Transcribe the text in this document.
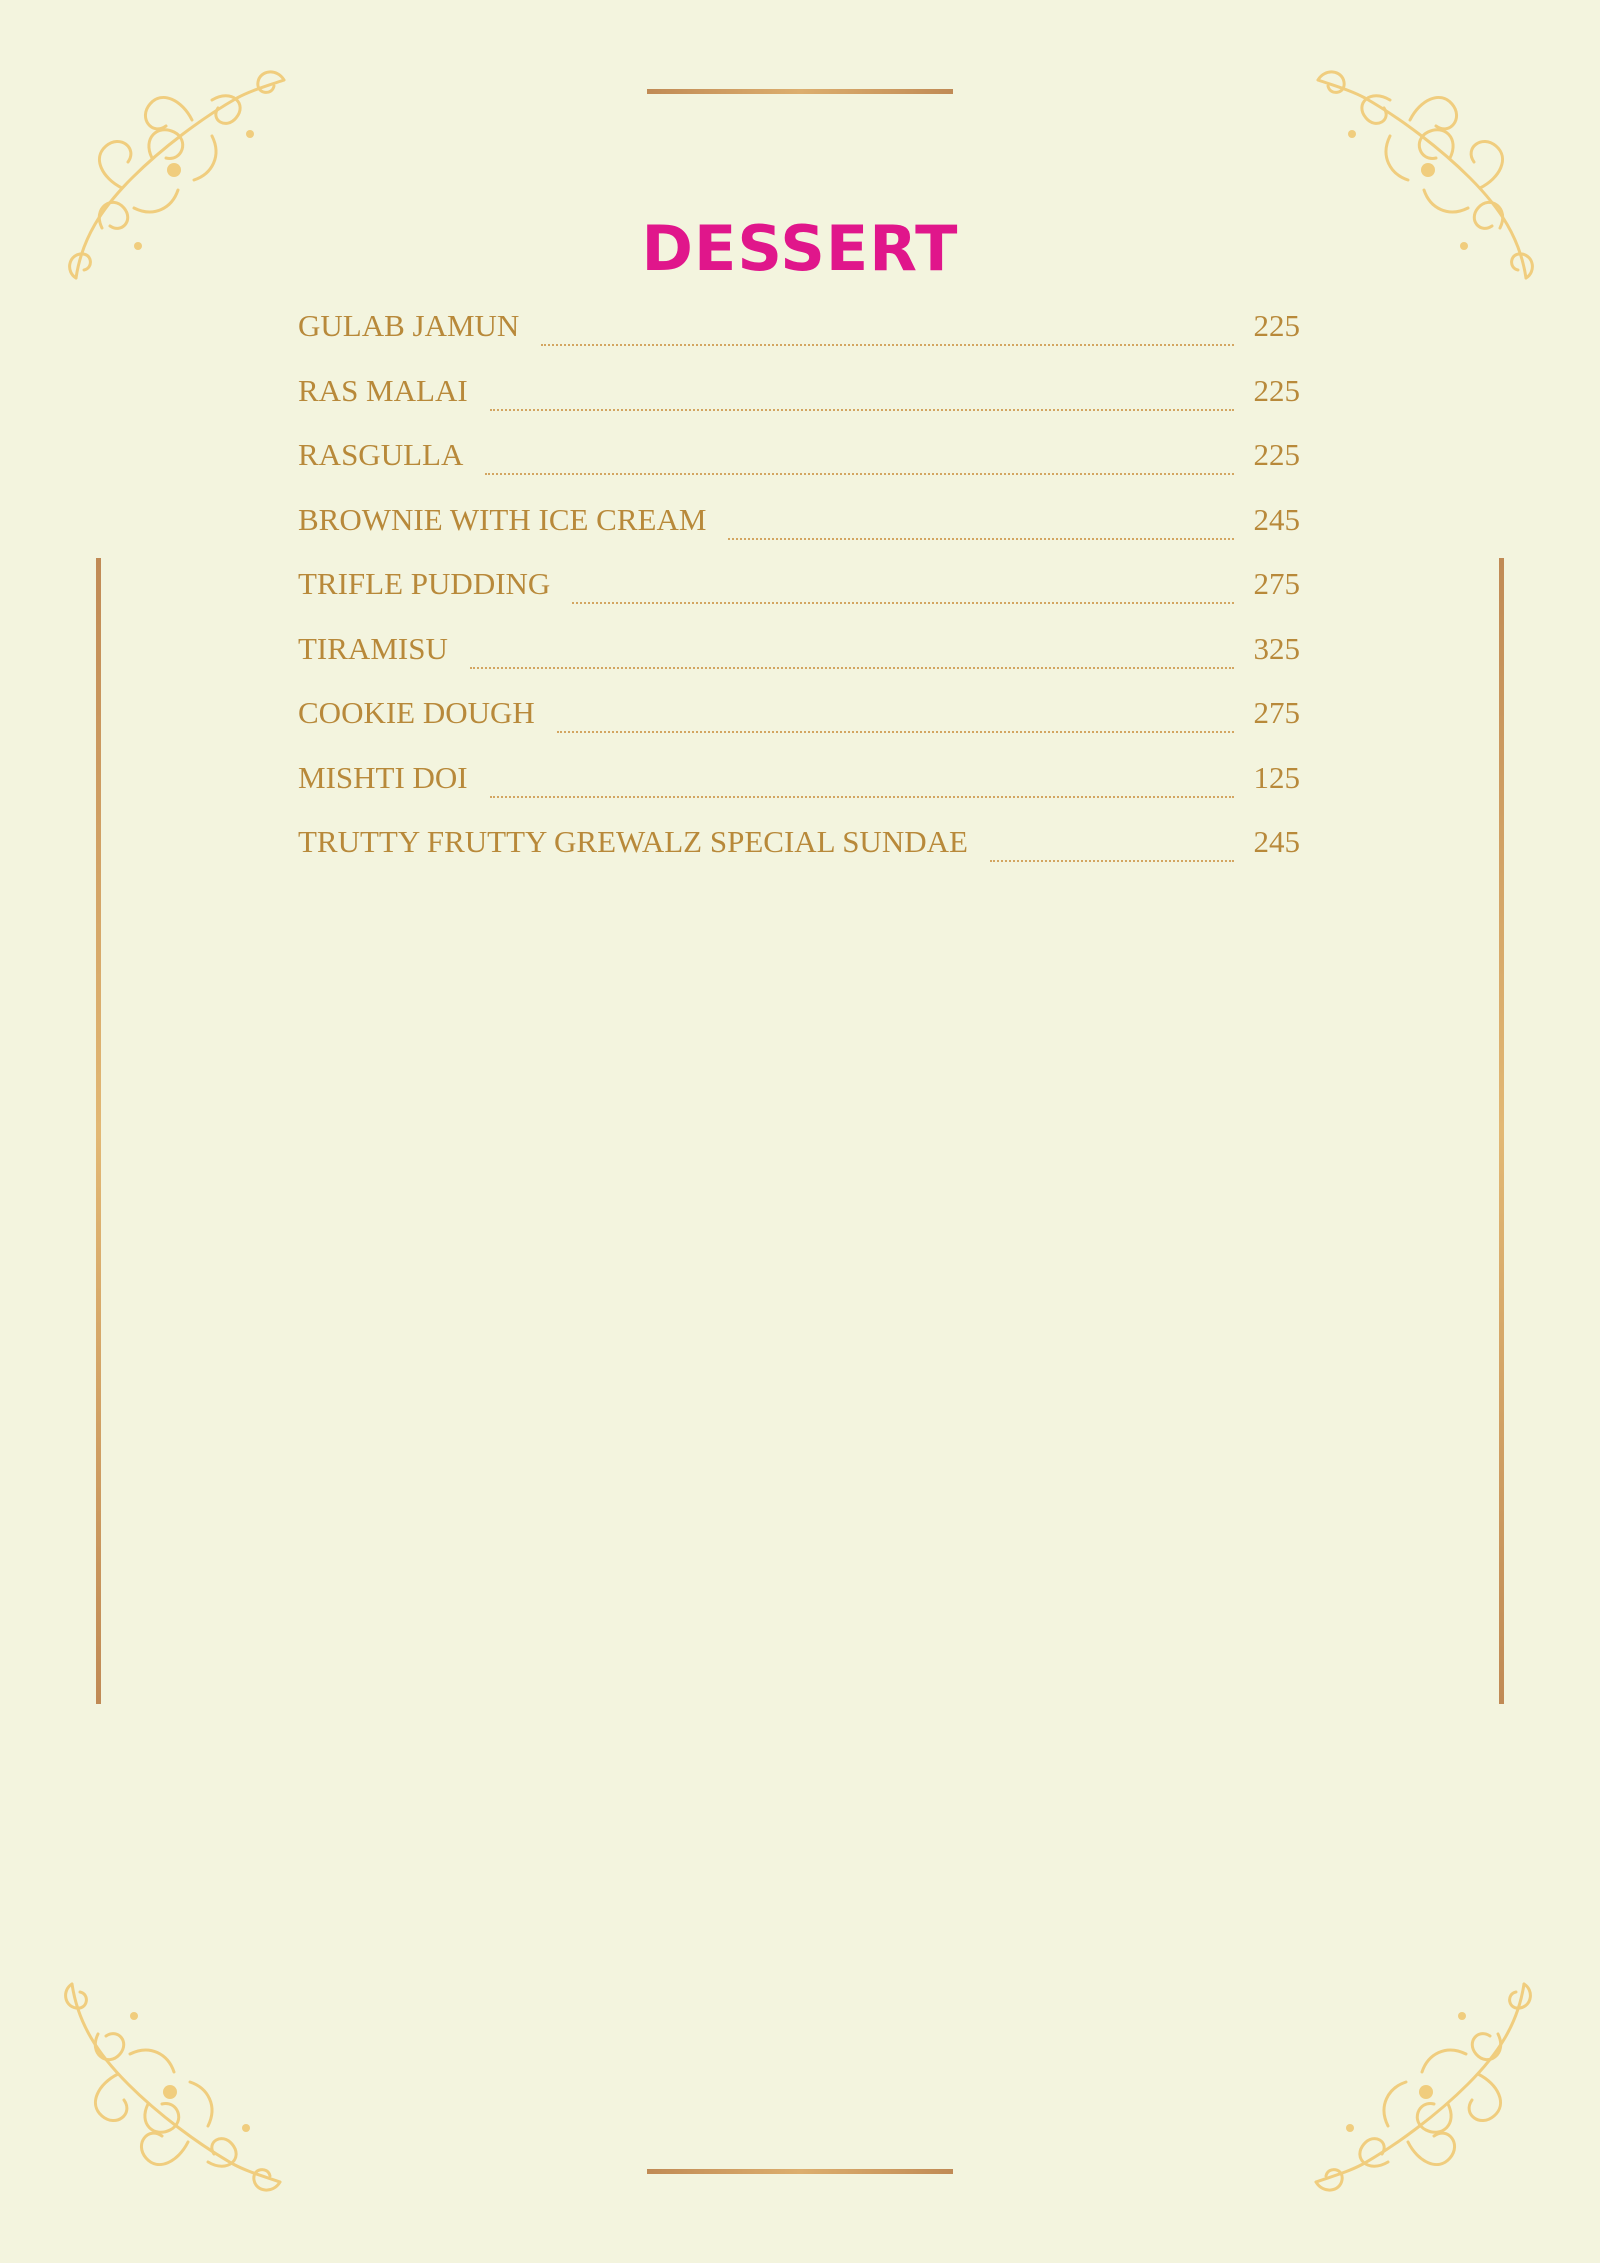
DESSERT
GULAB JAMUN	225
RAS MALAI	225
RASGULLA	225
BROWNIE WITH ICE CREAM	245
TRIFLE PUDDING	275
TIRAMISU	325
COOKIE DOUGH	275
MISHTI DOI	125
TRUTTY FRUTTY GREWALZ SPECIAL SUNDAE	245
